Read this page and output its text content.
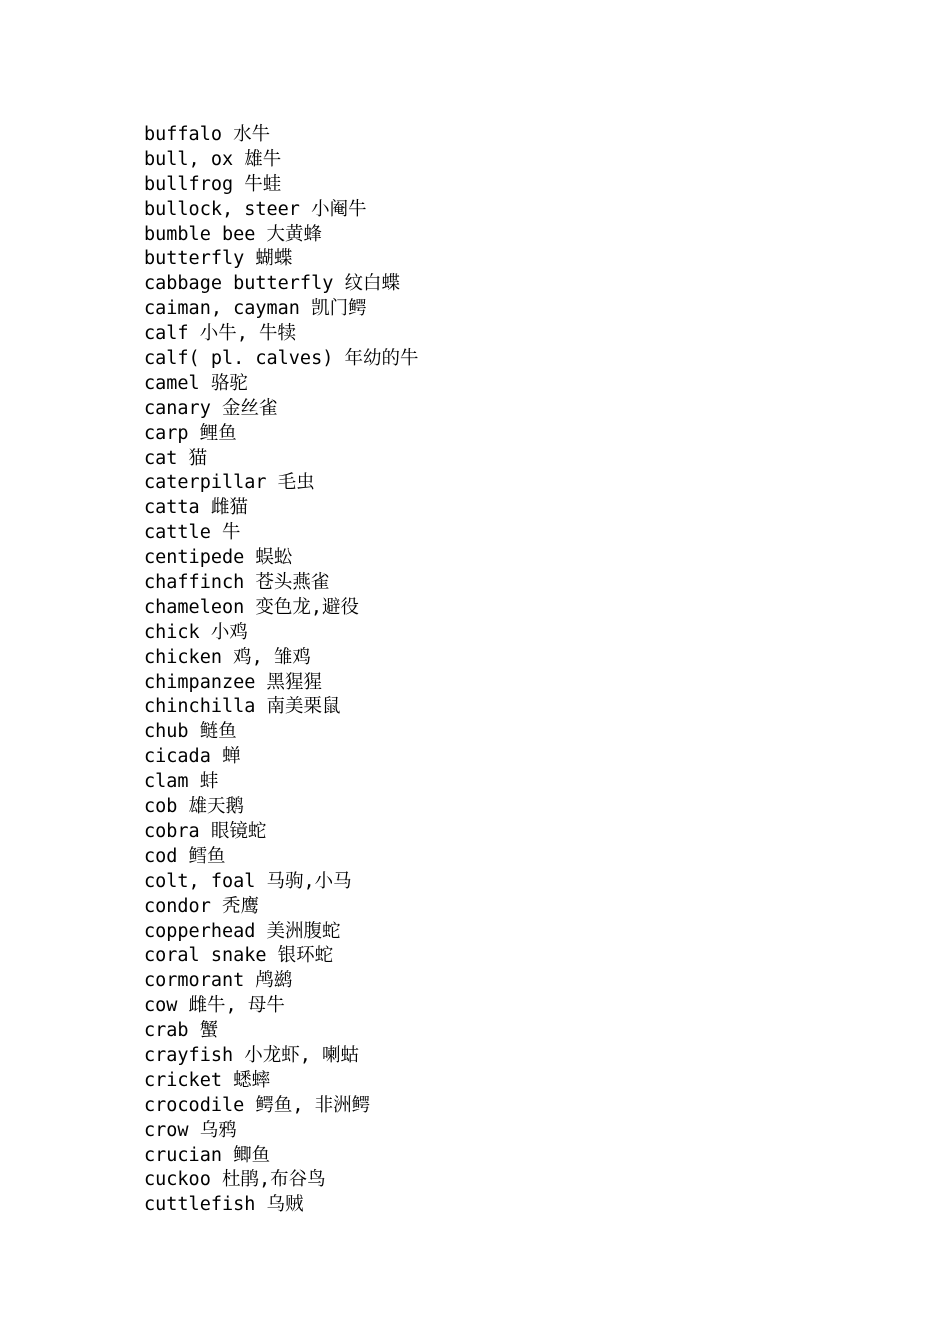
buffalo 水牛
bull, ox 雄牛
bullfrog 牛蛙
bullock, steer 小阉牛
bumble bee 大黄蜂
butterfly 蝴蝶
cabbage butterfly 纹白蝶
caiman, cayman 凯门鳄
calf 小牛, 牛犊
calf( pl. calves) 年幼的牛
camel 骆驼
canary 金丝雀
carp 鲤鱼
cat 猫
caterpillar 毛虫
catta 雌猫
cattle 牛
centipede 蜈蚣
chaffinch 苍头燕雀
chameleon 变色龙,避役
chick 小鸡
chicken 鸡, 雏鸡
chimpanzee 黑猩猩
chinchilla 南美栗鼠
chub 鲢鱼
cicada 蝉
clam 蚌
cob 雄天鹅
cobra 眼镜蛇
cod 鳕鱼
colt, foal 马驹,小马
condor 秃鹰
copperhead 美洲腹蛇
coral snake 银环蛇
cormorant 鸬鹚
cow 雌牛, 母牛
crab 蟹
crayfish 小龙虾, 喇蛄
cricket 蟋蟀
crocodile 鳄鱼, 非洲鳄
crow 乌鸦
crucian 鲫鱼
cuckoo 杜鹃,布谷鸟
cuttlefish 乌贼
